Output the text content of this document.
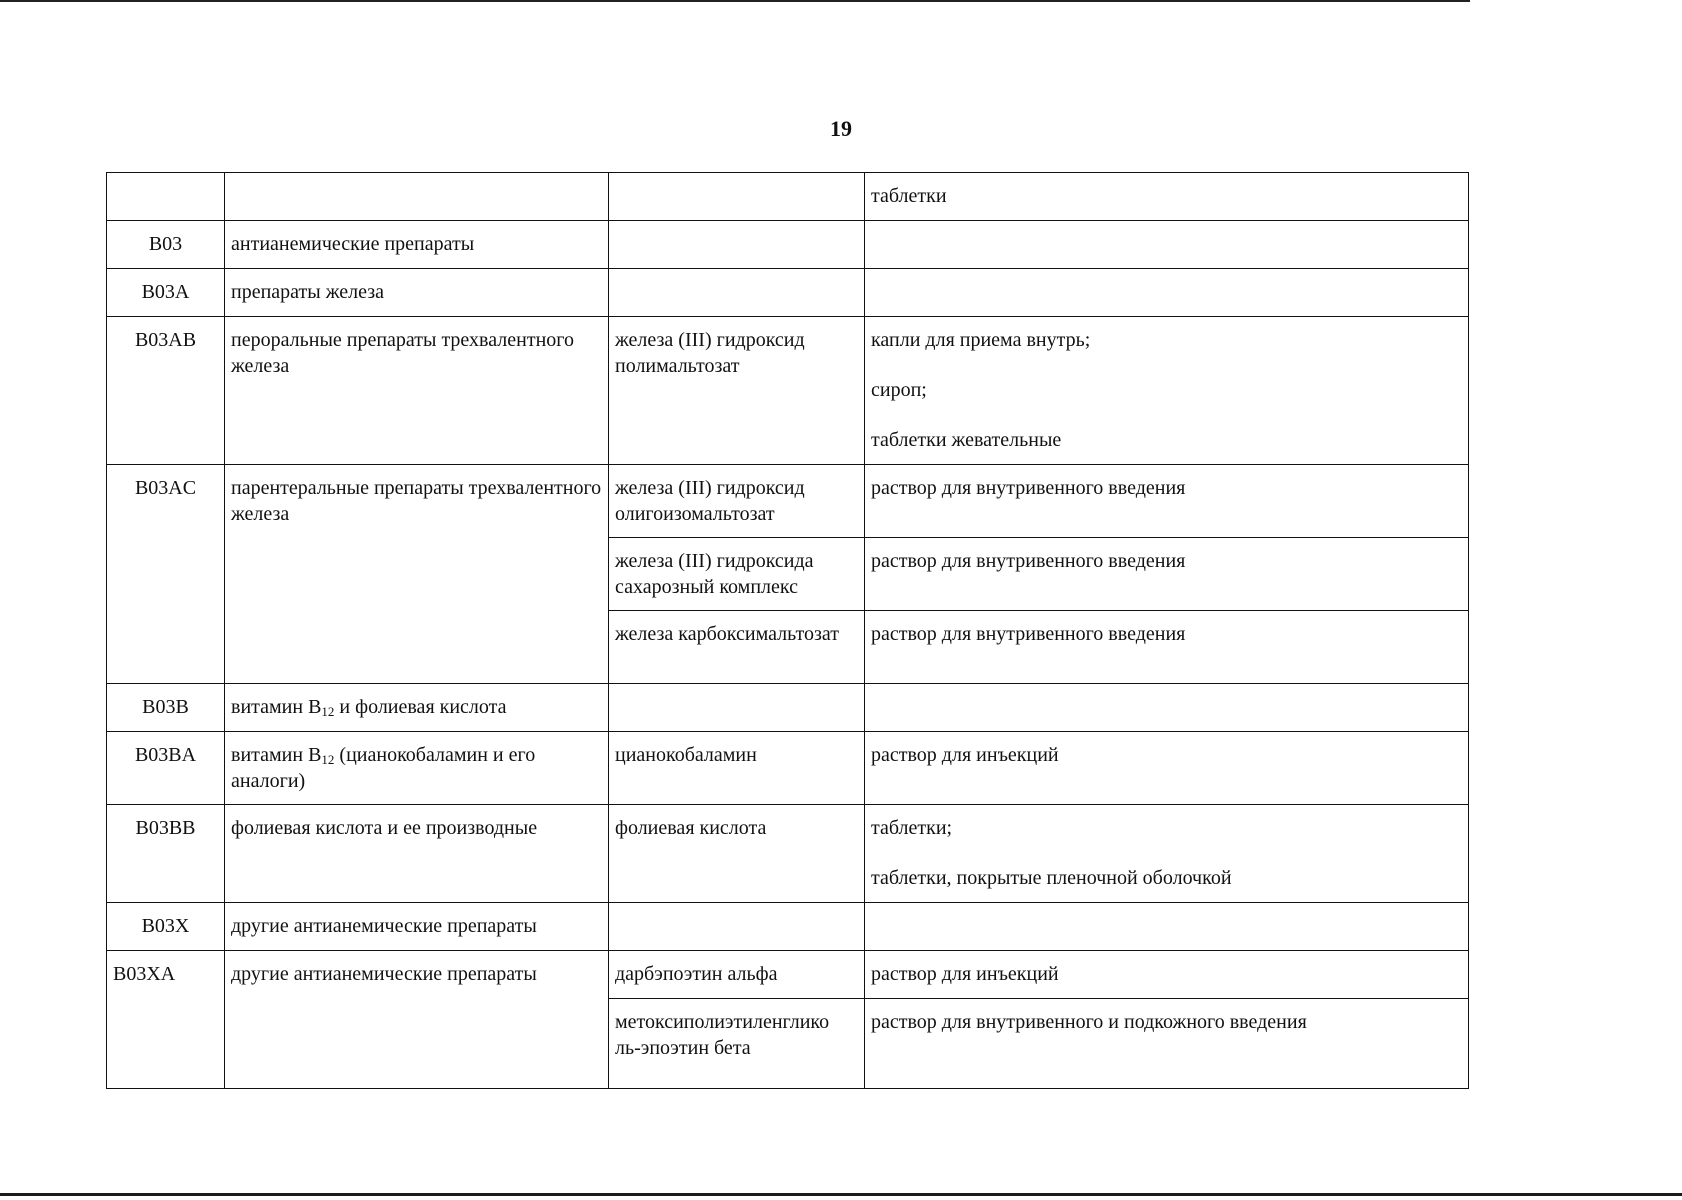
19
			таблетки
B03	антианемические препараты		
B03A	препараты железа		
B03AB	пероральные препараты трехвалентного железа	железа (III) гидроксид полимальтозат	капли для приема внутрь;
сироп;
таблетки жевательные

B03AC	парентеральные препараты трехвалентного железа	железа (III) гидроксид олигоизомальтозат	раствор для внутривенного введения
		железа (III) гидроксида сахарозный комплекс	раствор для внутривенного введения
		железа карбоксимальтозат	раствор для внутривенного введения
B03B	витамин $B_{12}$ и фолиевая кислота		
B03BA	витамин $B_{12}$ (цианокобаламин и его аналоги)	цианокобаламин	раствор для инъекций
B03BB	фолиевая кислота и ее производные	фолиевая кислота	таблетки;
таблетки, покрытые пленочной оболочкой

B03X	другие антианемические препараты		
B03XA	другие антианемические препараты	дарбэпоэтин альфа	раствор для инъекций
		метоксиполиэтиленглико ль-эпоэтин бета	раствор для внутривенного и подкожного введения
